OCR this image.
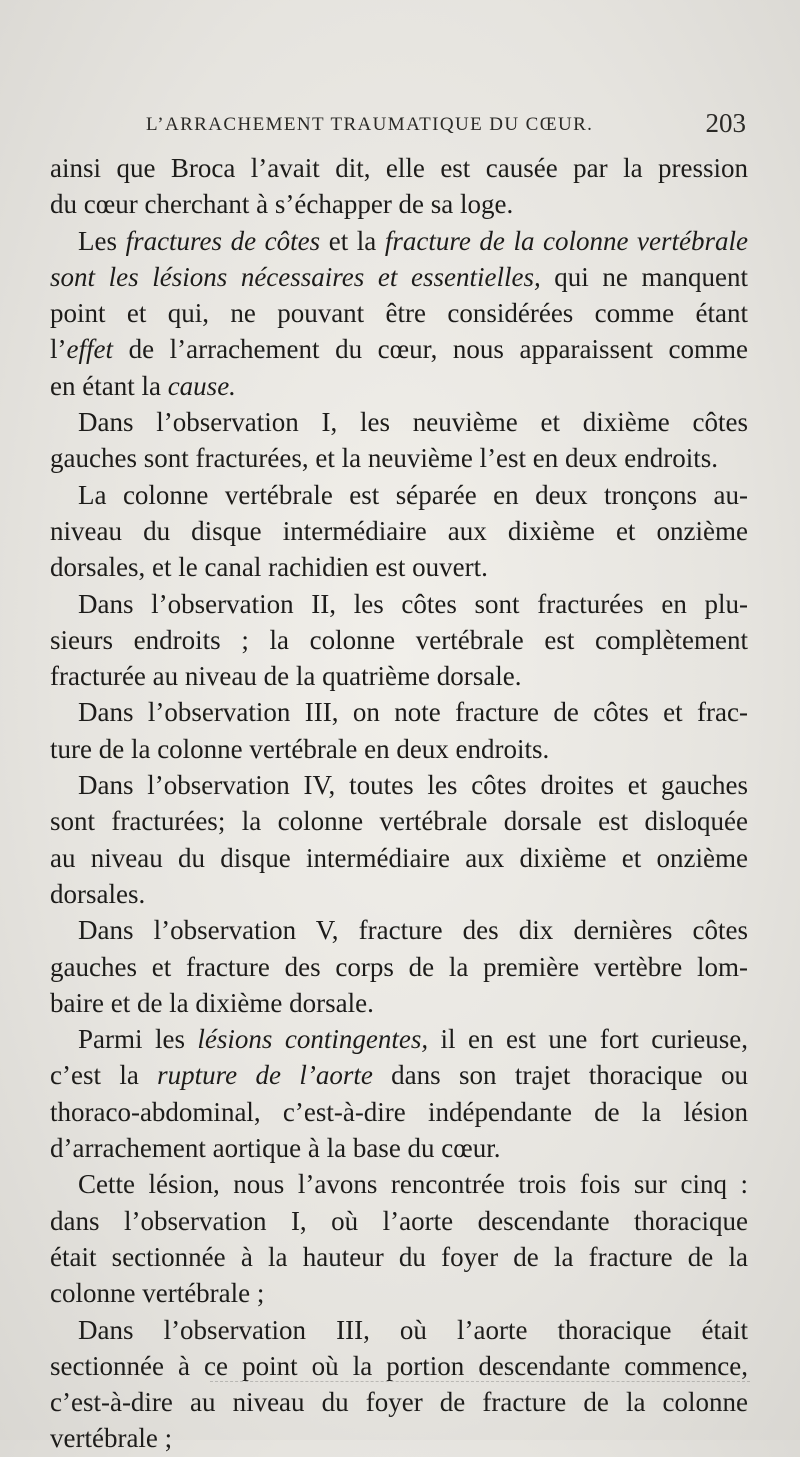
L’ARRACHEMENT TRAUMATIQUE DU CŒUR.	203
ainsi que Broca l’avait dit, elle est causée par la pression
du cœur cherchant à s’échapper de sa loge.
Les fractures de côtes et la fracture de la colonne vertébrale
sont les lésions nécessaires et essentielles, qui ne manquent
point et qui, ne pouvant être considérées comme étant
l’effet de l’arrachement du cœur, nous apparaissent comme
en étant la cause.
Dans l’observation I, les neuvième et dixième côtes
gauches sont fracturées, et la neuvième l’est en deux endroits.
La colonne vertébrale est séparée en deux tronçons au-
niveau du disque intermédiaire aux dixième et onzième
dorsales, et le canal rachidien est ouvert.
Dans l’observation II, les côtes sont fracturées en plu-
sieurs endroits ; la colonne vertébrale est complètement
fracturée au niveau de la quatrième dorsale.
Dans l’observation III, on note fracture de côtes et frac-
ture de la colonne vertébrale en deux endroits.
Dans l’observation IV, toutes les côtes droites et gauches
sont fracturées; la colonne vertébrale dorsale est disloquée
au niveau du disque intermédiaire aux dixième et onzième
dorsales.
Dans l’observation V, fracture des dix dernières côtes
gauches et fracture des corps de la première vertèbre lom-
baire et de la dixième dorsale.
Parmi les lésions contingentes, il en est une fort curieuse,
c’est la rupture de l’aorte dans son trajet thoracique ou
thoraco-abdominal, c’est-à-dire indépendante de la lésion
d’arrachement aortique à la base du cœur.
Cette lésion, nous l’avons rencontrée trois fois sur cinq :
dans l’observation I, où l’aorte descendante thoracique
était sectionnée à la hauteur du foyer de la fracture de la
colonne vertébrale ;
Dans l’observation III, où l’aorte thoracique était
sectionnée à ce point où la portion descendante commence,
c’est-à-dire au niveau du foyer de fracture de la colonne
vertébrale ;
